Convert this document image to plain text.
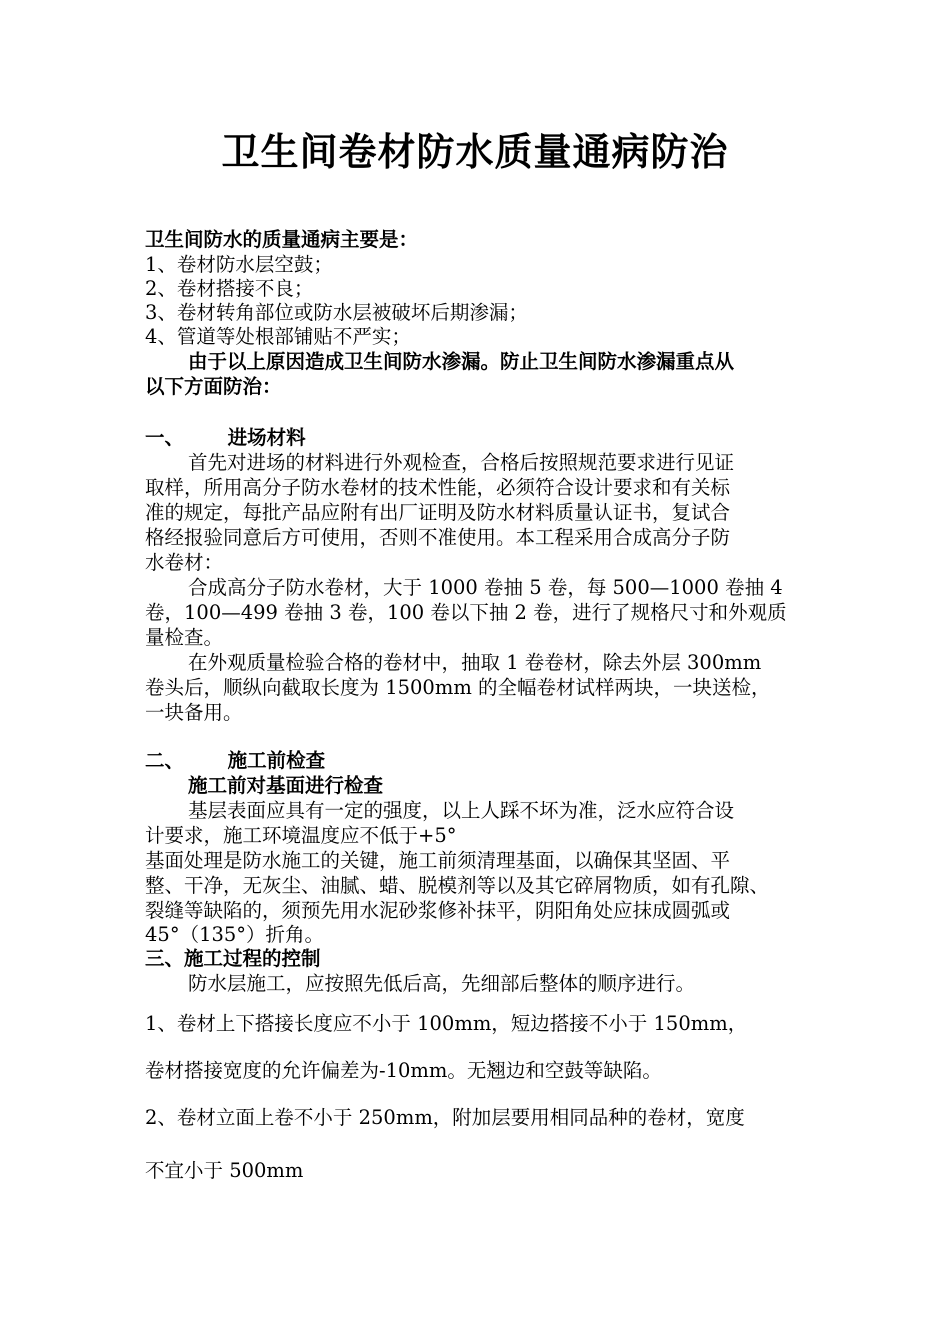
卫生间卷材防水质量通病防治
卫生间防水的质量通病主要是：
1、卷材防水层空鼓；
2、卷材搭接不良；
3、卷材转角部位或防水层被破坏后期渗漏；
4、管道等处根部铺贴不严实；
由于以上原因造成卫生间防水渗漏。防止卫生间防水渗漏重点从
以下方面防治：
一、 进场材料
首先对进场的材料进行外观检查，合格后按照规范要求进行见证
取样，所用高分子防水卷材的技术性能，必须符合设计要求和有关标
准的规定，每批产品应附有出厂证明及防水材料质量认证书，复试合
格经报验同意后方可使用，否则不准使用。本工程采用合成高分子防
水卷材：
合成高分子防水卷材，大于 1000 卷抽 5 卷，每 500—1000 卷抽 4
卷，100—499 卷抽 3 卷，100 卷以下抽 2 卷，进行了规格尺寸和外观质
量检查。
在外观质量检验合格的卷材中，抽取 1 卷卷材，除去外层 300mm
卷头后，顺纵向截取长度为 1500mm 的全幅卷材试样两块，一块送检，
一块备用。
二、 施工前检查
施工前对基面进行检查
基层表面应具有一定的强度，以上人踩不坏为准，泛水应符合设
计要求，施工环境温度应不低于+5°
基面处理是防水施工的关键，施工前须清理基面，以确保其坚固、平
整、干净，无灰尘、油腻、蜡、脱模剂等以及其它碎屑物质，如有孔隙、
裂缝等缺陷的，须预先用水泥砂浆修补抹平，阴阳角处应抹成圆弧或
45°（135°）折角。
三、施工过程的控制
防水层施工，应按照先低后高，先细部后整体的顺序进行。
1、卷材上下搭接长度应不小于 100mm，短边搭接不小于 150mm，
卷材搭接宽度的允许偏差为-10mm。无翘边和空鼓等缺陷。
2、卷材立面上卷不小于 250mm，附加层要用相同品种的卷材，宽度
不宜小于 500mm
